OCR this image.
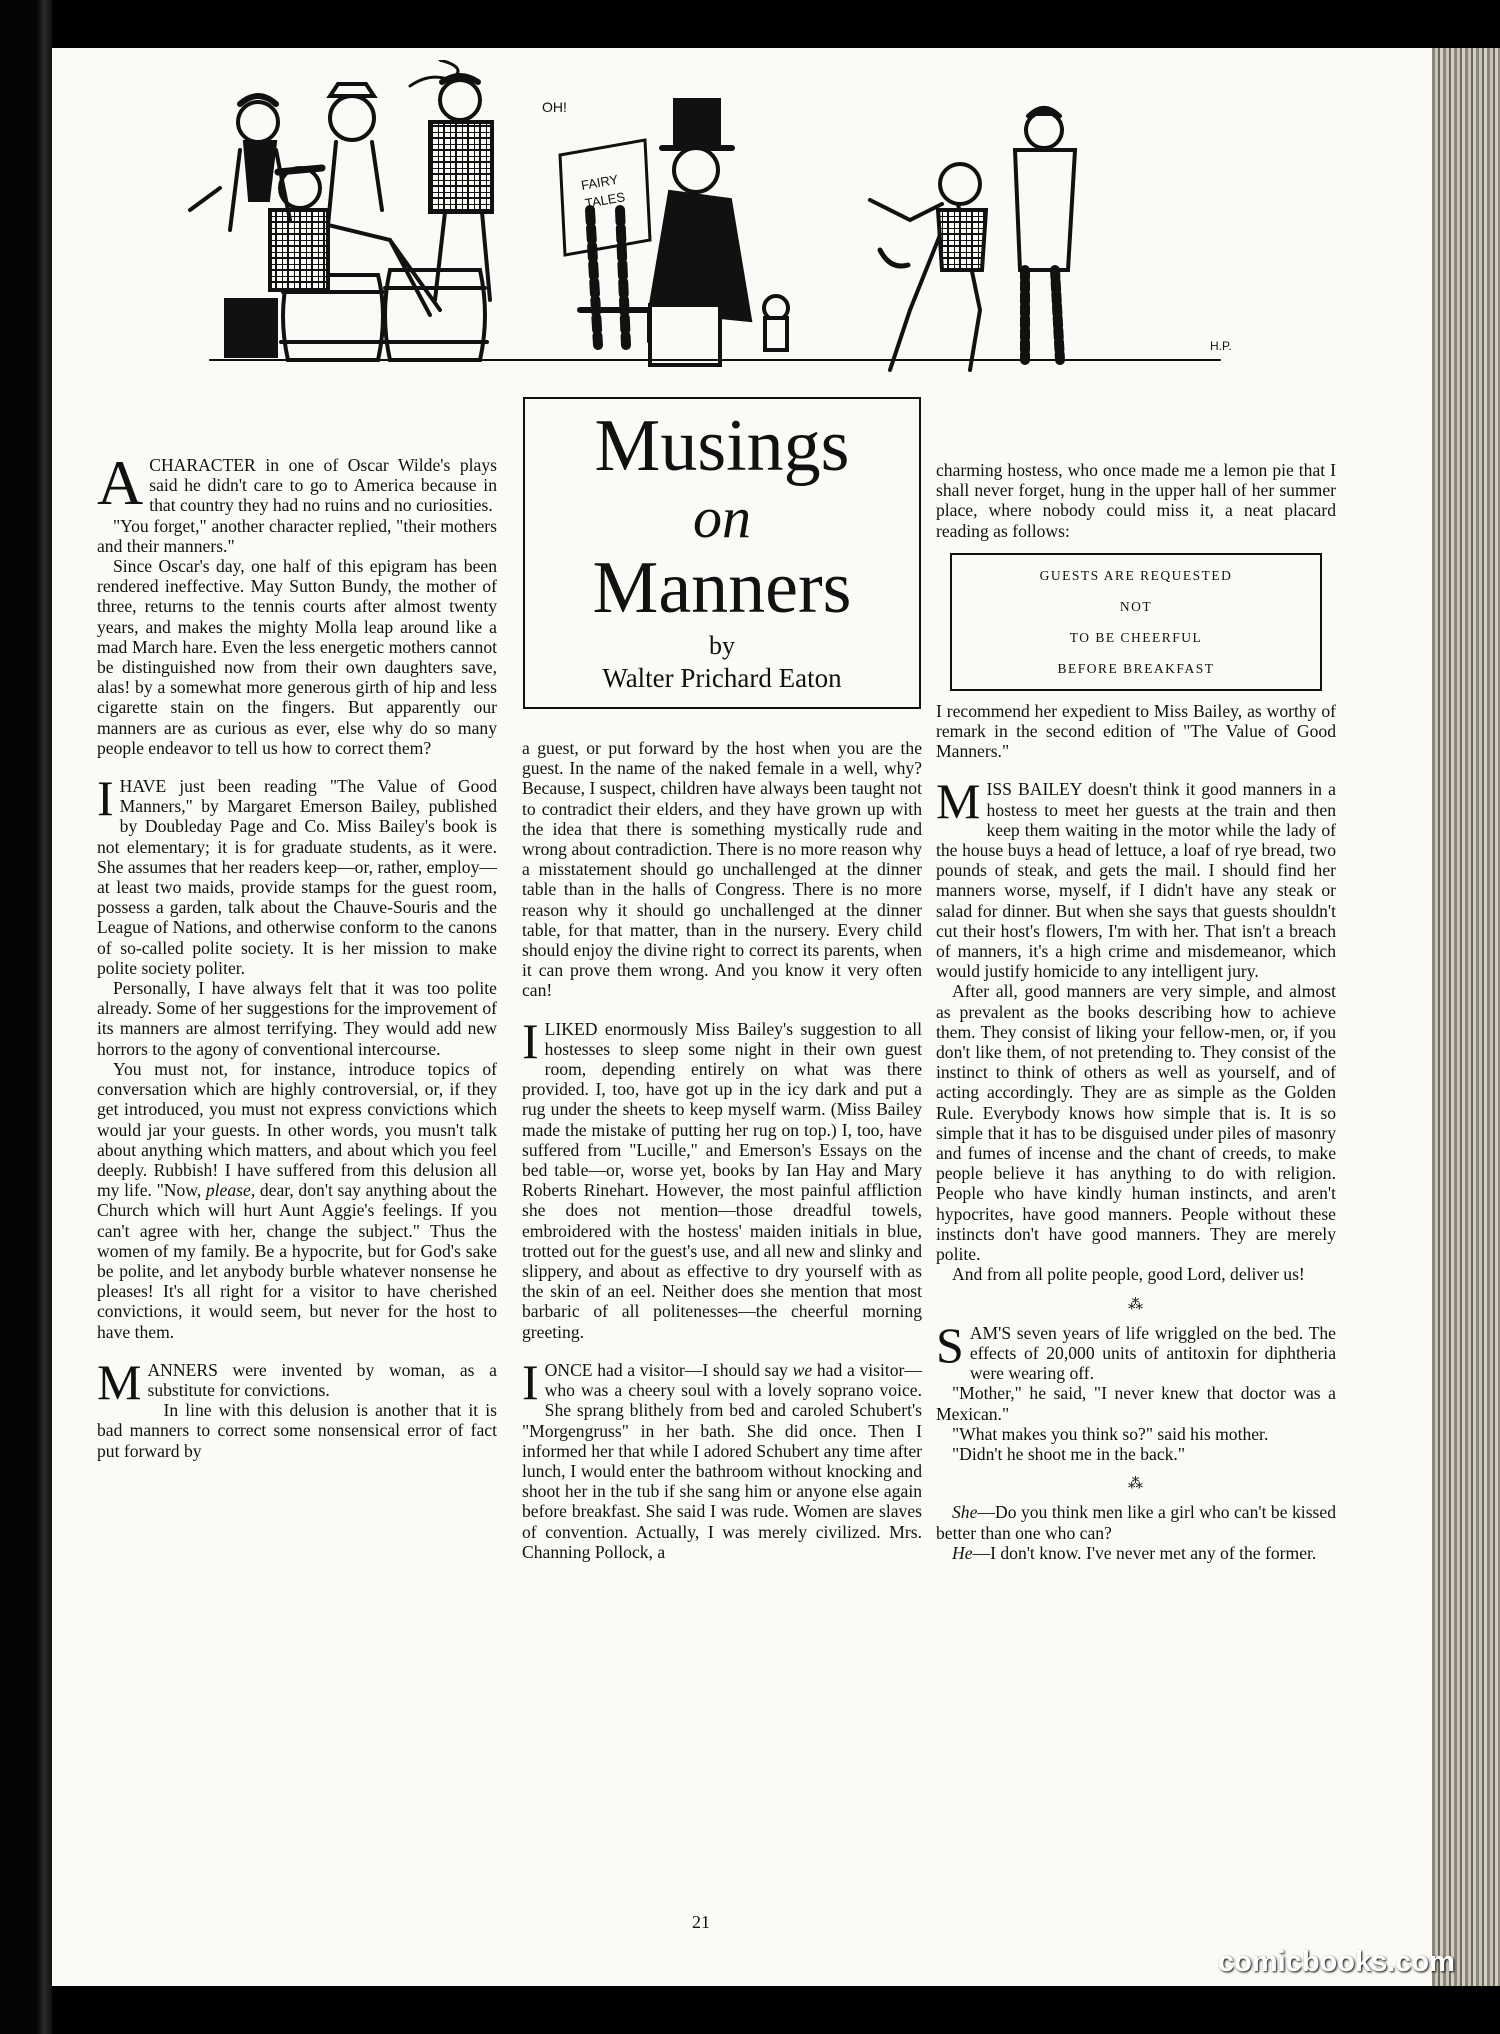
OH!
FAIRY
TALES
H.P.

ACHARACTER in one of Oscar Wilde's plays said he didn't care to go to America because in that country they had no ruins and no curiosities.

"You forget," another character replied, "their mothers and their manners."

Since Oscar's day, one half of this epigram has been rendered ineffective. May Sutton Bundy, the mother of three, returns to the tennis courts after almost twenty years, and makes the mighty Molla leap around like a mad March hare. Even the less energetic mothers cannot be distinguished now from their own daughters save, alas! by a somewhat more generous girth of hip and less cigarette stain on the fingers. But apparently our manners are as curious as ever, else why do so many people endeavor to tell us how to correct them?

IHAVE just been reading "The Value of Good Manners," by Margaret Emerson Bailey, published by Doubleday Page and Co. Miss Bailey's book is not elementary; it is for graduate students, as it were. She assumes that her readers keep—or, rather, employ—at least two maids, provide stamps for the guest room, possess a garden, talk about the Chauve-Souris and the League of Nations, and otherwise conform to the canons of so-called polite society. It is her mission to make polite society politer.

Personally, I have always felt that it was too polite already. Some of her suggestions for the improvement of its manners are almost terrifying. They would add new horrors to the agony of conventional intercourse.

You must not, for instance, introduce topics of conversation which are highly controversial, or, if they get introduced, you must not express convictions which would jar your guests. In other words, you musn't talk about anything which matters, and about which you feel deeply. Rubbish! I have suffered from this delusion all my life. "Now, please, dear, don't say anything about the Church which will hurt Aunt Aggie's feelings. If you can't agree with her, change the subject." Thus the women of my family. Be a hypocrite, but for God's sake be polite, and let anybody burble whatever nonsense he pleases! It's all right for a visitor to have cherished convictions, it would seem, but never for the host to have them.

MANNERS were invented by woman, as a substitute for convictions.

In line with this delusion is another that it is bad manners to correct some nonsensical error of fact put forward by

Musings
on
Manners
by
Walter Prichard Eaton

a guest, or put forward by the host when you are the guest. In the name of the naked female in a well, why? Because, I suspect, children have always been taught not to contradict their elders, and they have grown up with the idea that there is something mystically rude and wrong about contradiction. There is no more reason why a misstatement should go unchallenged at the dinner table than in the halls of Congress. There is no more reason why it should go unchallenged at the dinner table, for that matter, than in the nursery. Every child should enjoy the divine right to correct its parents, when it can prove them wrong. And you know it very often can!

ILIKED enormously Miss Bailey's suggestion to all hostesses to sleep some night in their own guest room, depending entirely on what was there provided. I, too, have got up in the icy dark and put a rug under the sheets to keep myself warm. (Miss Bailey made the mistake of putting her rug on top.) I, too, have suffered from "Lucille," and Emerson's Essays on the bed table—or, worse yet, books by Ian Hay and Mary Roberts Rinehart. However, the most painful affliction she does not mention—those dreadful towels, embroidered with the hostess' maiden initials in blue, trotted out for the guest's use, and all new and slinky and slippery, and about as effective to dry yourself with as the skin of an eel. Neither does she mention that most barbaric of all politenesses—the cheerful morning greeting.

IONCE had a visitor—I should say we had a visitor—who was a cheery soul with a lovely soprano voice. She sprang blithely from bed and caroled Schubert's "Morgengruss" in her bath. She did once. Then I informed her that while I adored Schubert any time after lunch, I would enter the bathroom without knocking and shoot her in the tub if she sang him or anyone else again before breakfast. She said I was rude. Women are slaves of convention. Actually, I was merely civilized. Mrs. Channing Pollock, a

charming hostess, who once made me a lemon pie that I shall never forget, hung in the upper hall of her summer place, where nobody could miss it, a neat placard reading as follows:

GUESTS ARE REQUESTED
NOT
TO BE CHEERFUL
BEFORE BREAKFAST

I recommend her expedient to Miss Bailey, as worthy of remark in the second edition of "The Value of Good Manners."

MISS BAILEY doesn't think it good manners in a hostess to meet her guests at the train and then keep them waiting in the motor while the lady of the house buys a head of lettuce, a loaf of rye bread, two pounds of steak, and gets the mail. I should find her manners worse, myself, if I didn't have any steak or salad for dinner. But when she says that guests shouldn't cut their host's flowers, I'm with her. That isn't a breach of manners, it's a high crime and misdemeanor, which would justify homicide to any intelligent jury.

After all, good manners are very simple, and almost as prevalent as the books describing how to achieve them. They consist of liking your fellow-men, or, if you don't like them, of not pretending to. They consist of the instinct to think of others as well as yourself, and of acting accordingly. They are as simple as the Golden Rule. Everybody knows how simple that is. It is so simple that it has to be disguised under piles of masonry and fumes of incense and the chant of creeds, to make people believe it has anything to do with religion. People who have kindly human instincts, and aren't hypocrites, have good manners. People without these instincts don't have good manners. They are merely polite.

And from all polite people, good Lord, deliver us!

⁂

SAM'S seven years of life wriggled on the bed. The effects of 20,000 units of antitoxin for diphtheria were wearing off.

"Mother," he said, "I never knew that doctor was a Mexican."

"What makes you think so?" said his mother.

"Didn't he shoot me in the back."

⁂

She—Do you think men like a girl who can't be kissed better than one who can?

He—I don't know. I've never met any of the former.

21
comicbooks.com
